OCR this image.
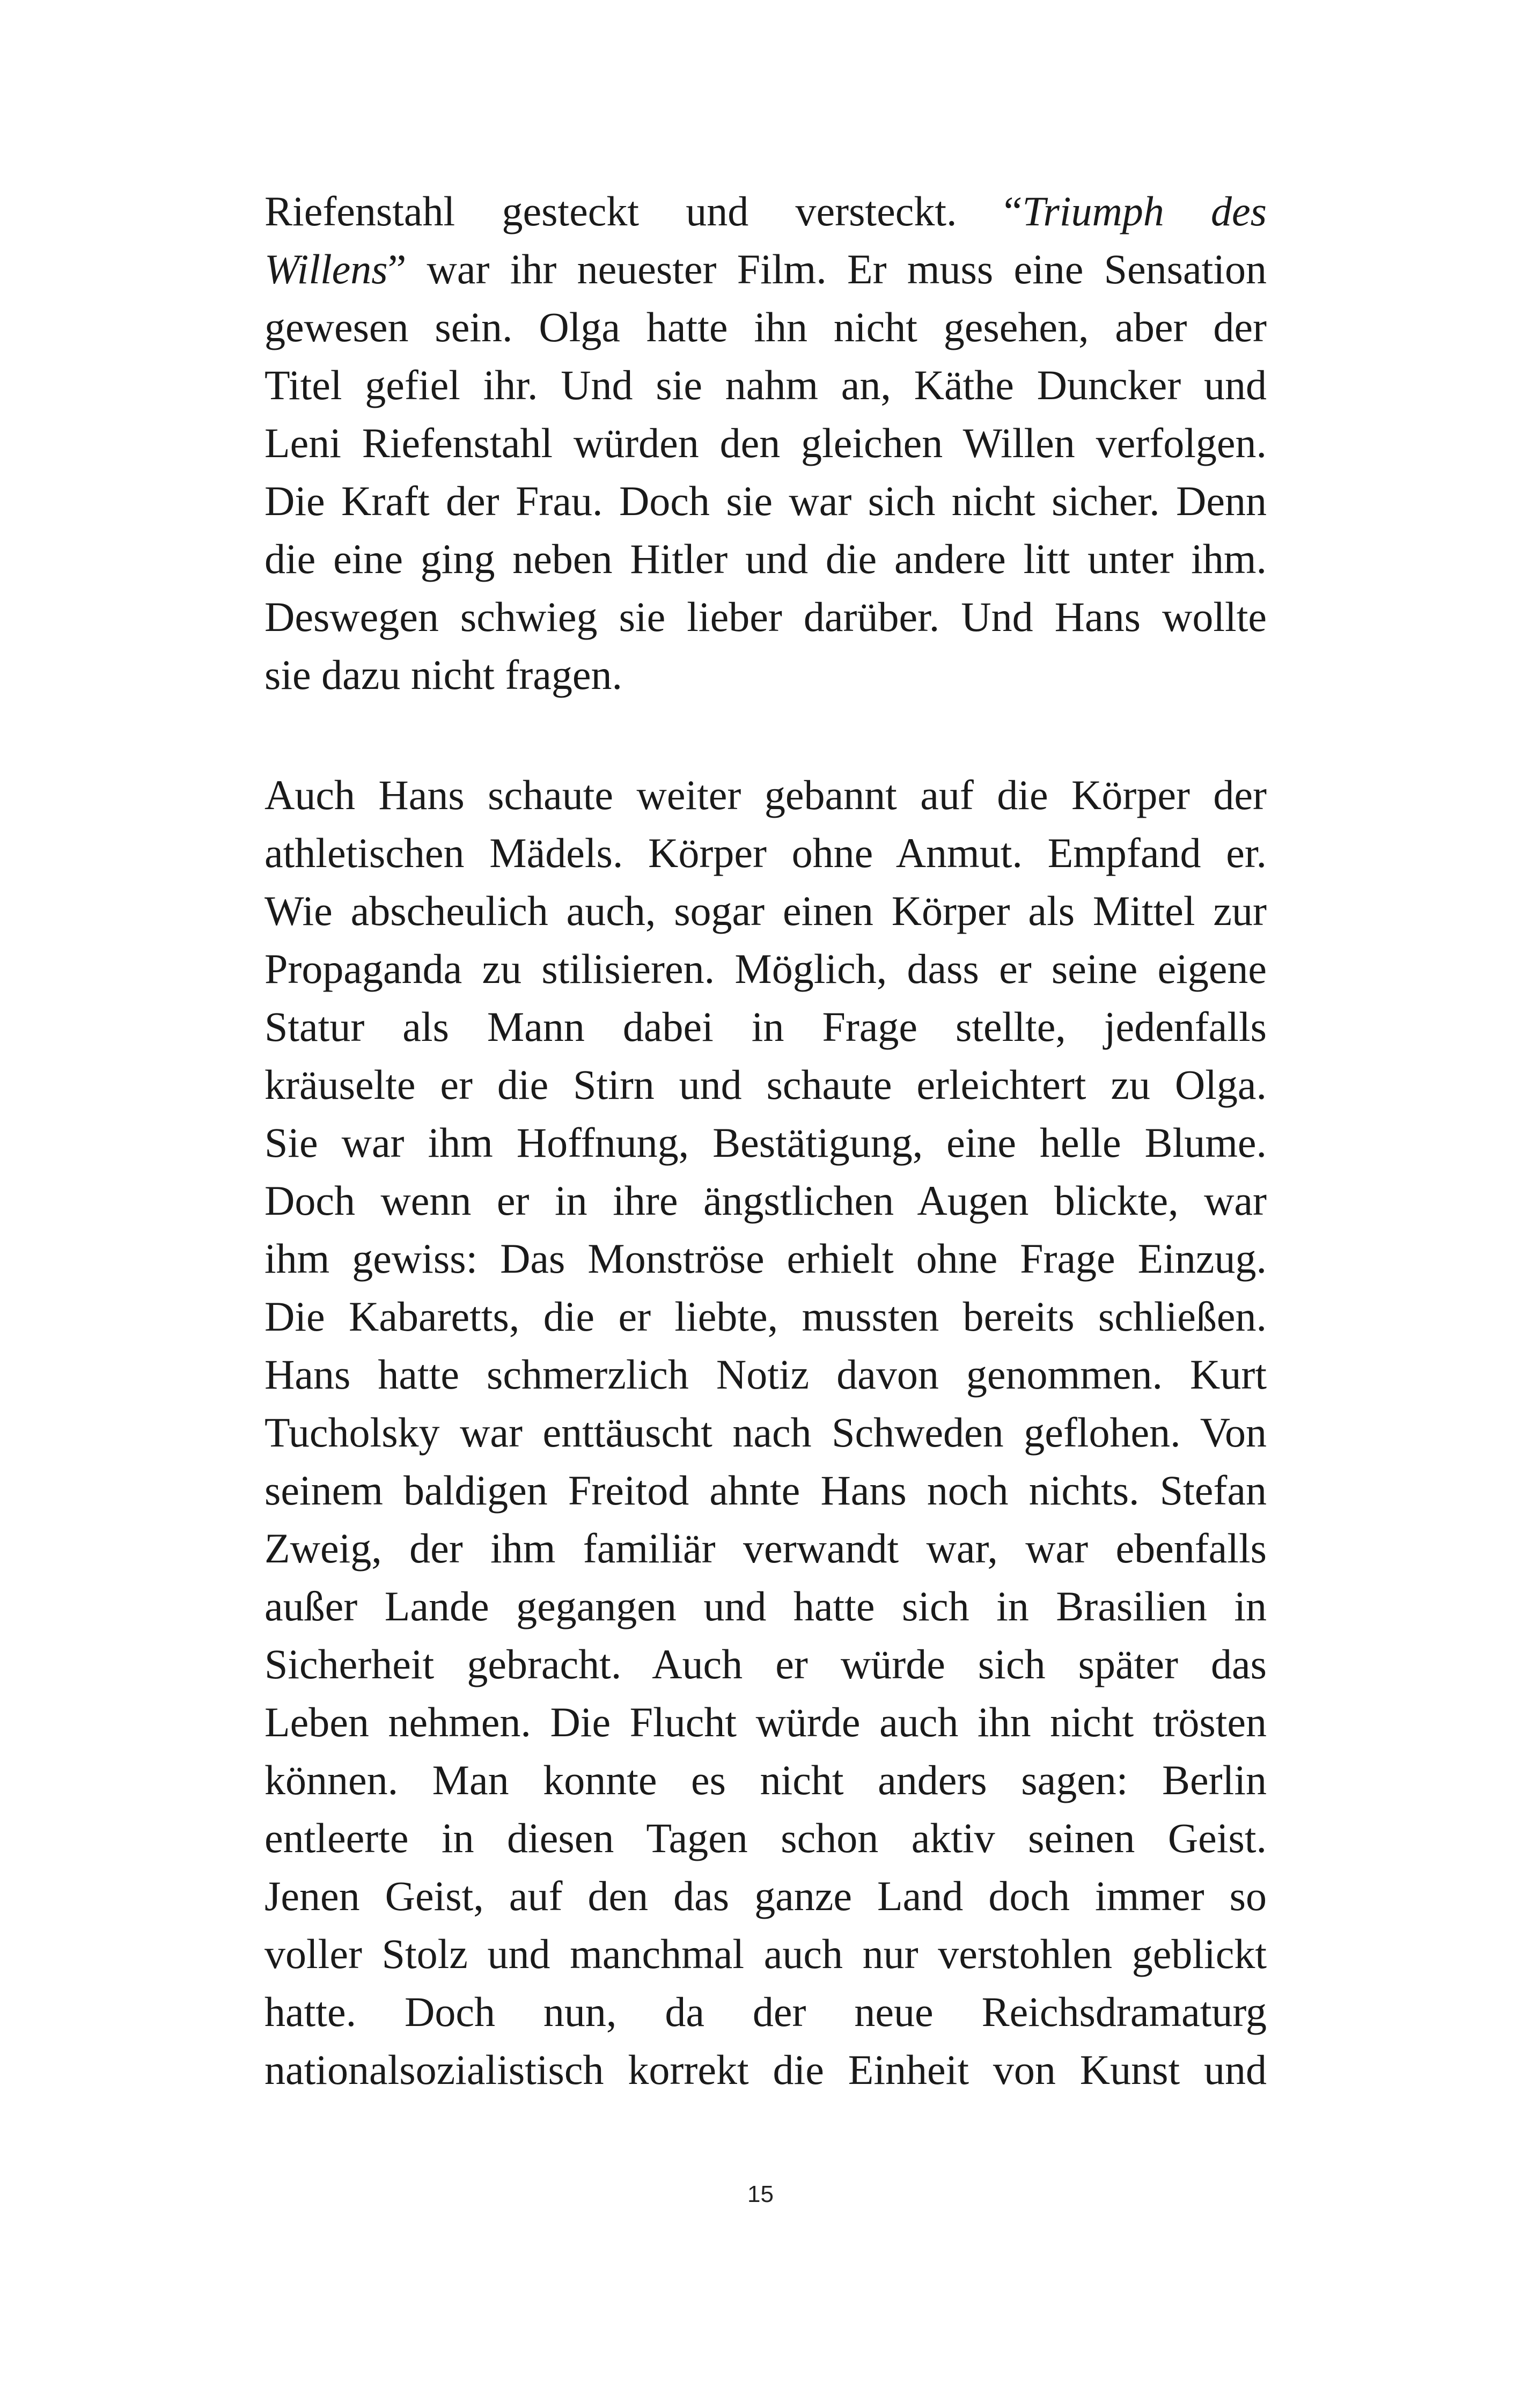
Riefenstahl gesteckt und versteckt. “Triumph des
Willens” war ihr neuester Film. Er muss eine Sensation
gewesen sein. Olga hatte ihn nicht gesehen, aber der
Titel gefiel ihr. Und sie nahm an, Käthe Duncker und
Leni Riefenstahl würden den gleichen Willen verfolgen.
Die Kraft der Frau. Doch sie war sich nicht sicher. Denn
die eine ging neben Hitler und die andere litt unter ihm.
Deswegen schwieg sie lieber darüber. Und Hans wollte
sie dazu nicht fragen.
Auch Hans schaute weiter gebannt auf die Körper der
athletischen Mädels. Körper ohne Anmut. Empfand er.
Wie abscheulich auch, sogar einen Körper als Mittel zur
Propaganda zu stilisieren. Möglich, dass er seine eigene
Statur als Mann dabei in Frage stellte, jedenfalls
kräuselte er die Stirn und schaute erleichtert zu Olga.
Sie war ihm Hoffnung, Bestätigung, eine helle Blume.
Doch wenn er in ihre ängstlichen Augen blickte, war
ihm gewiss: Das Monströse erhielt ohne Frage Einzug.
Die Kabaretts, die er liebte, mussten bereits schließen.
Hans hatte schmerzlich Notiz davon genommen. Kurt
Tucholsky war enttäuscht nach Schweden geflohen. Von
seinem baldigen Freitod ahnte Hans noch nichts. Stefan
Zweig, der ihm familiär verwandt war, war ebenfalls
außer Lande gegangen und hatte sich in Brasilien in
Sicherheit gebracht. Auch er würde sich später das
Leben nehmen. Die Flucht würde auch ihn nicht trösten
können. Man konnte es nicht anders sagen: Berlin
entleerte in diesen Tagen schon aktiv seinen Geist.
Jenen Geist, auf den das ganze Land doch immer so
voller Stolz und manchmal auch nur verstohlen geblickt
hatte. Doch nun, da der neue Reichsdramaturg
nationalsozialistisch korrekt die Einheit von Kunst und
15
